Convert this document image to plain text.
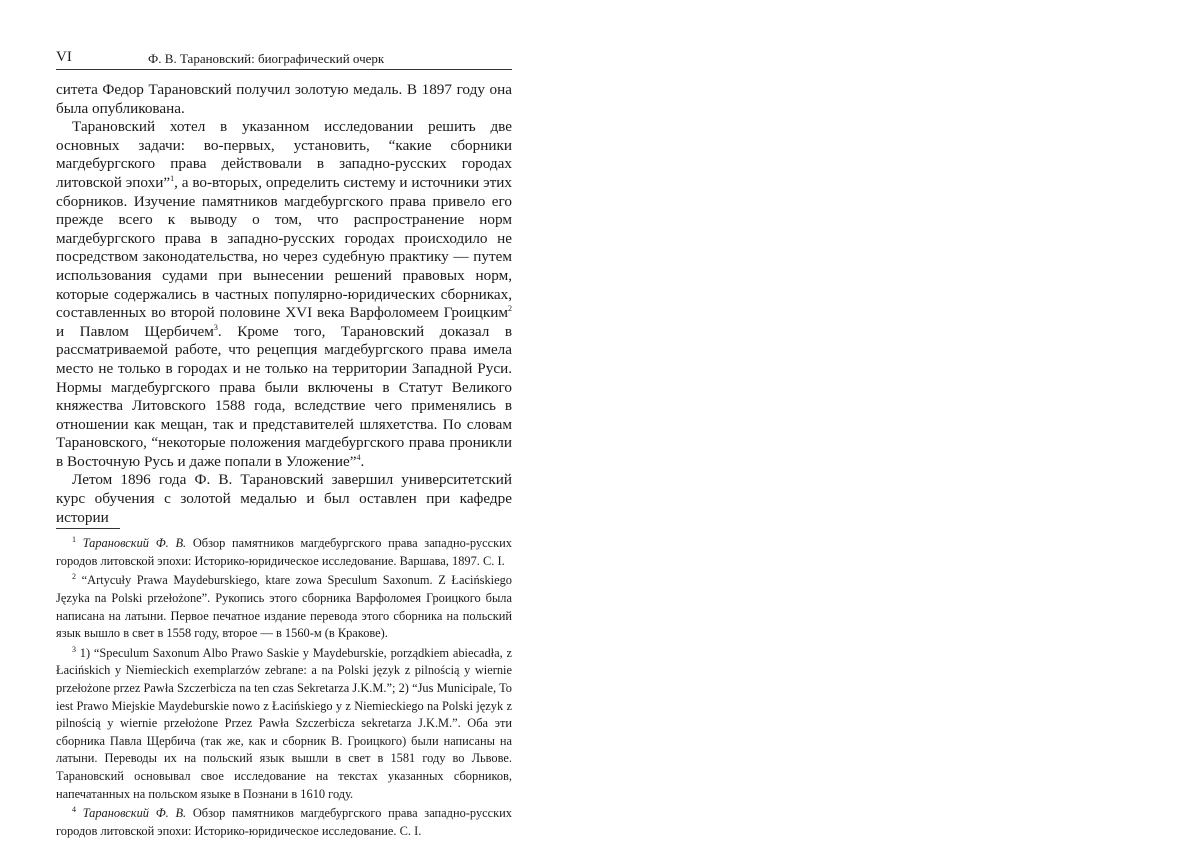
VI	Ф. В. Тарановский: биографический очерк

ситета Федор Тарановский получил золотую медаль. В 1897 году она была опубликована.

Тарановский хотел в указанном исследовании решить две основных задачи: во-первых, установить, “какие сборники магдебургского права действовали в западно-русских городах литовской эпохи”1, а во-вторых, определить систему и источники этих сборников. Изучение памятников магдебургского права привело его прежде всего к выводу о том, что распространение норм магдебургского права в западно-русских городах происходило не посредством законодательства, но через судебную практику — путем использования судами при вынесении решений правовых норм, которые содержались в частных популярно-юридических сборниках, составленных во второй половине XVI века Варфоломеем Гроицким2 и Павлом Щербичем3. Кроме того, Тарановский доказал в рассматриваемой работе, что рецепция магдебургского права имела место не только в городах и не только на территории Западной Руси. Нормы магдебургского права были включены в Статут Великого княжества Литовского 1588 года, вследствие чего применялись в отношении как мещан, так и представителей шляхетства. По словам Тарановского, “некоторые положения магдебургского права проникли в Восточную Русь и даже попали в Уложение”4.

Летом 1896 года Ф. В. Тарановский завершил университетский курс обучения с золотой медалью и был оставлен при кафедре истории

1 Тарановский Ф. В. Обзор памятников магдебургского права западно-русских городов литовской эпохи: Историко-юридическое исследование. Варшава, 1897. С. I.

2 “Artycuły Prawa Maydeburskiego, ktare zowa Speculum Saxonum. Z Łacińskiego Języka na Polski przełożone”. Рукопись этого сборника Варфоломея Гроицкого была написана на латыни. Первое печатное издание перевода этого сборника на польский язык вышло в свет в 1558 году, второе — в 1560-м (в Кракове).

3 1) “Speculum Saxonum Albo Prawo Saskie y Maydeburskie, porządkiem abiecadła, z Łacińskich y Niemieckich exemplarzów zebrane: a na Polski język z pilnością y wiernie przełożone przez Pawła Szczerbicza na ten czas Sekretarza J.K.M.”; 2) “Jus Municipale, To iest Prawo Miejskie Maydeburskie nowo z Łacińskiego y z Niemieckiego na Polski język z pilnością y wiernie przełożone Przez Pawła Szczerbicza sekretarza J.K.M.”. Оба эти сборника Павла Щербича (так же, как и сборник В. Гроицкого) были написаны на латыни. Переводы их на польский язык вышли в свет в 1581 году во Львове. Тарановский основывал свое исследование на текстах указанных сборников, напечатанных на польском языке в Познани в 1610 году.

4 Тарановский Ф. В. Обзор памятников магдебургского права западно-русских городов литовской эпохи: Историко-юридическое исследование. С. I.
